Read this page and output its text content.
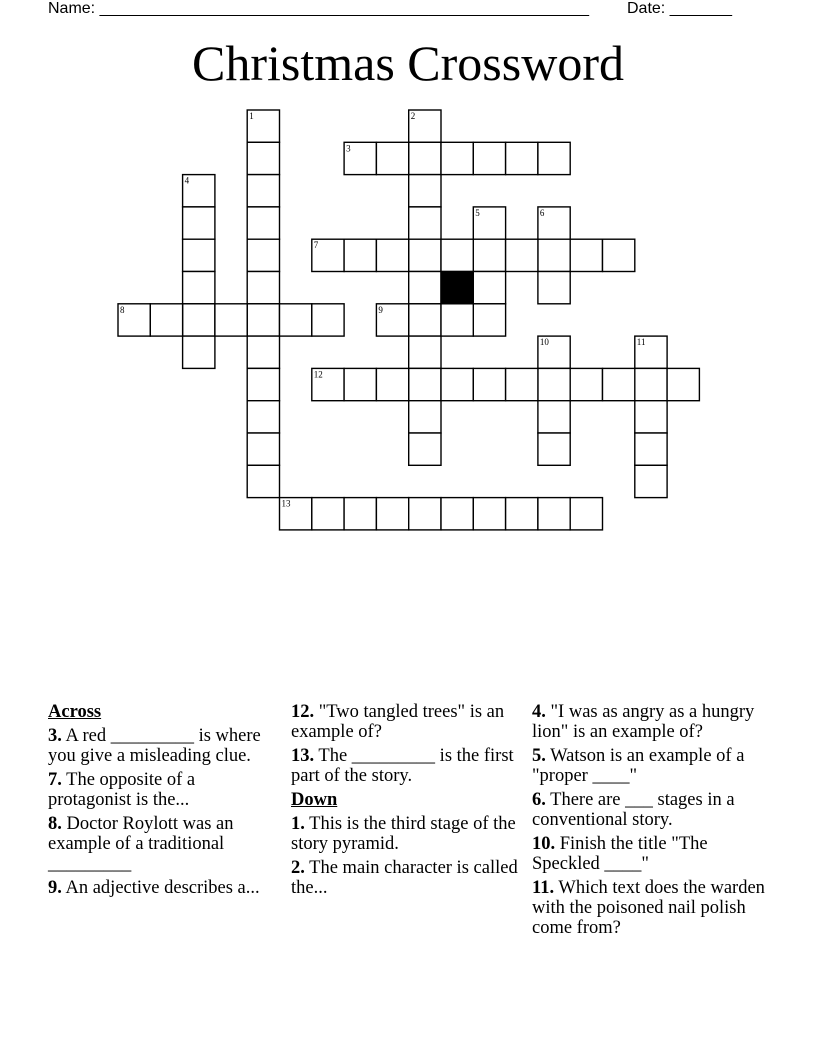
Name: _______________________________________________________ Date: _______
Christmas Crossword
1	2
3
4
5	6
7
8	9
10	11
12
13
Across
3. A red _________ is where you give a misleading clue.
7. The opposite of a protagonist is the...
8. Doctor Roylott was an example of a traditional _________
9. An adjective describes a...
12. "Two tangled trees" is an example of?
13. The _________ is the first part of the story.
Down
1. This is the third stage of the story pyramid.
2. The main character is called the...
4. "I was as angry as a hungry lion" is an example of?
5. Watson is an example of a "proper ____"
6. There are ___ stages in a conventional story.
10. Finish the title "The Speckled ____"
11. Which text does the warden with the poisoned nail polish come from?
